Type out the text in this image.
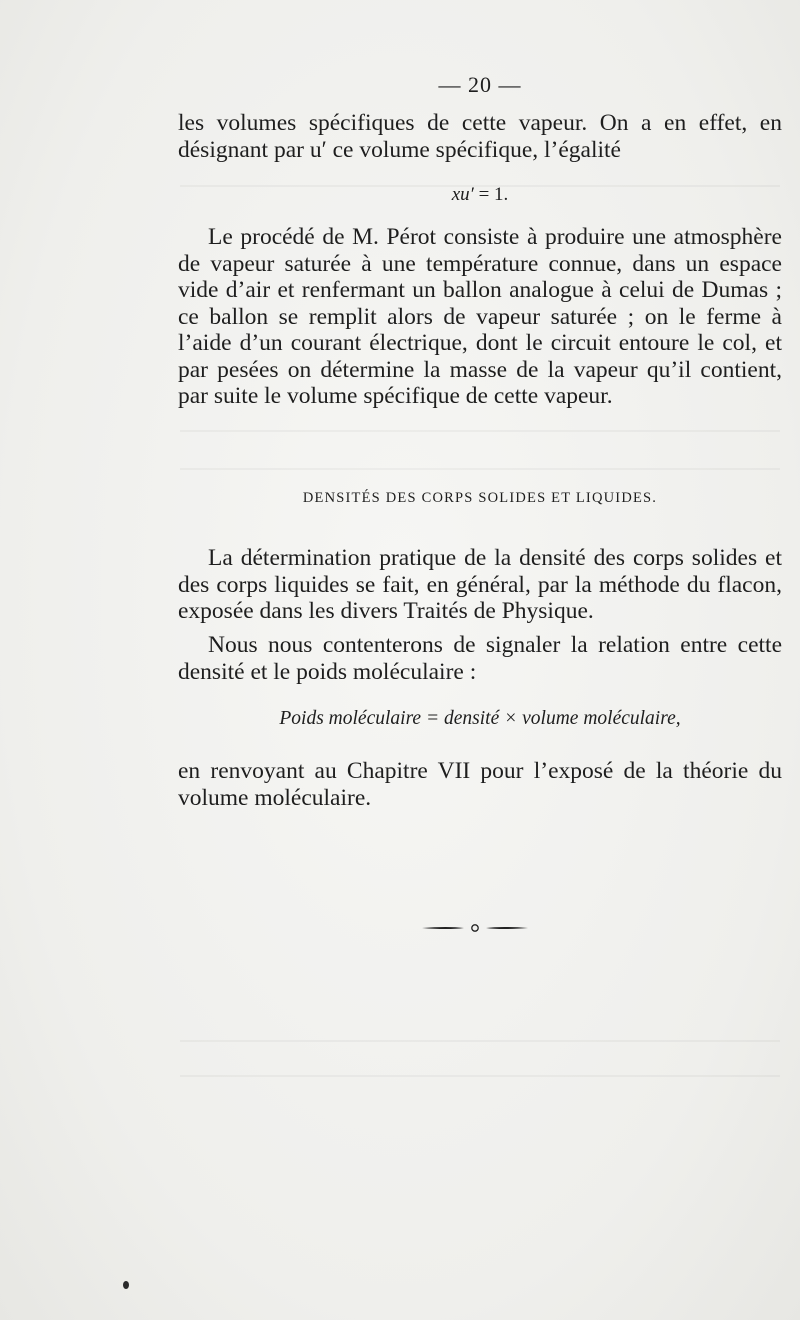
— 20 —

les volumes spécifiques de cette vapeur. On a en effet, en désignant par u′ ce volume spécifique, l’égalité

xu′ = 1.

Le procédé de M. Pérot consiste à produire une atmosphère de vapeur saturée à une température connue, dans un espace vide d’air et renfermant un ballon analogue à celui de Dumas ; ce ballon se remplit alors de vapeur saturée ; on le ferme à l’aide d’un courant électrique, dont le circuit entoure le col, et par pesées on détermine la masse de la vapeur qu’il contient, par suite le volume spécifique de cette vapeur.

DENSITÉS DES CORPS SOLIDES ET LIQUIDES.

La détermination pratique de la densité des corps solides et des corps liquides se fait, en général, par la méthode du flacon, exposée dans les divers Traités de Physique.

Nous nous contenterons de signaler la relation entre cette densité et le poids moléculaire :

Poids moléculaire = densité × volume moléculaire,

en renvoyant au Chapitre VII pour l’exposé de la théorie du volume moléculaire.
